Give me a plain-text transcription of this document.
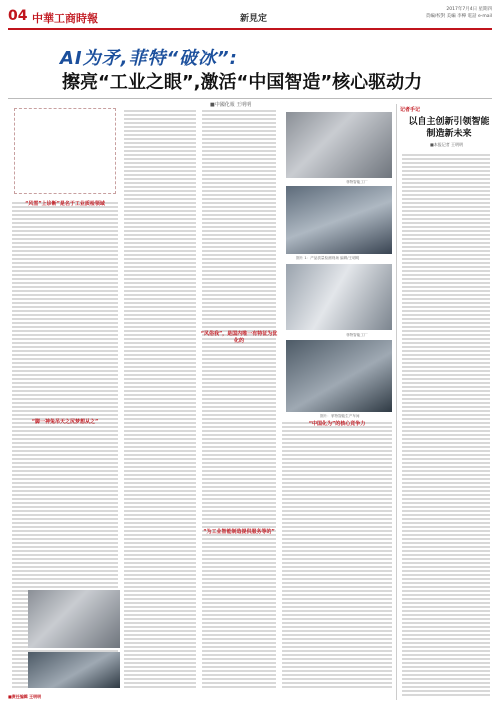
04 中華工商時報	新見定
2017年7月4日 星期四
責編/校對 美編 李樺 電話 e-mail
AI为矛,菲特“破冰”:
擦亮“工业之眼”,激活“中国智造”核心驱动力
■中國化報 王明明
“风雪”上诊断”是名于工业质检领域
“脚一神兔吊天之尻梦想从之”
“风俗我”，是国内唯一有特征为优化的
“为工业智能制造提供服务等的”
“中国化为”的核心竞争力
菲特智能工厂
图片 1：产品质量检测现场 编辑/王明明
菲特智能工厂
图片：菲特智能生产车间
记者手记
以自主创新引领智能制造新未来
■本报记者 王明明
■责任编辑 王明明
